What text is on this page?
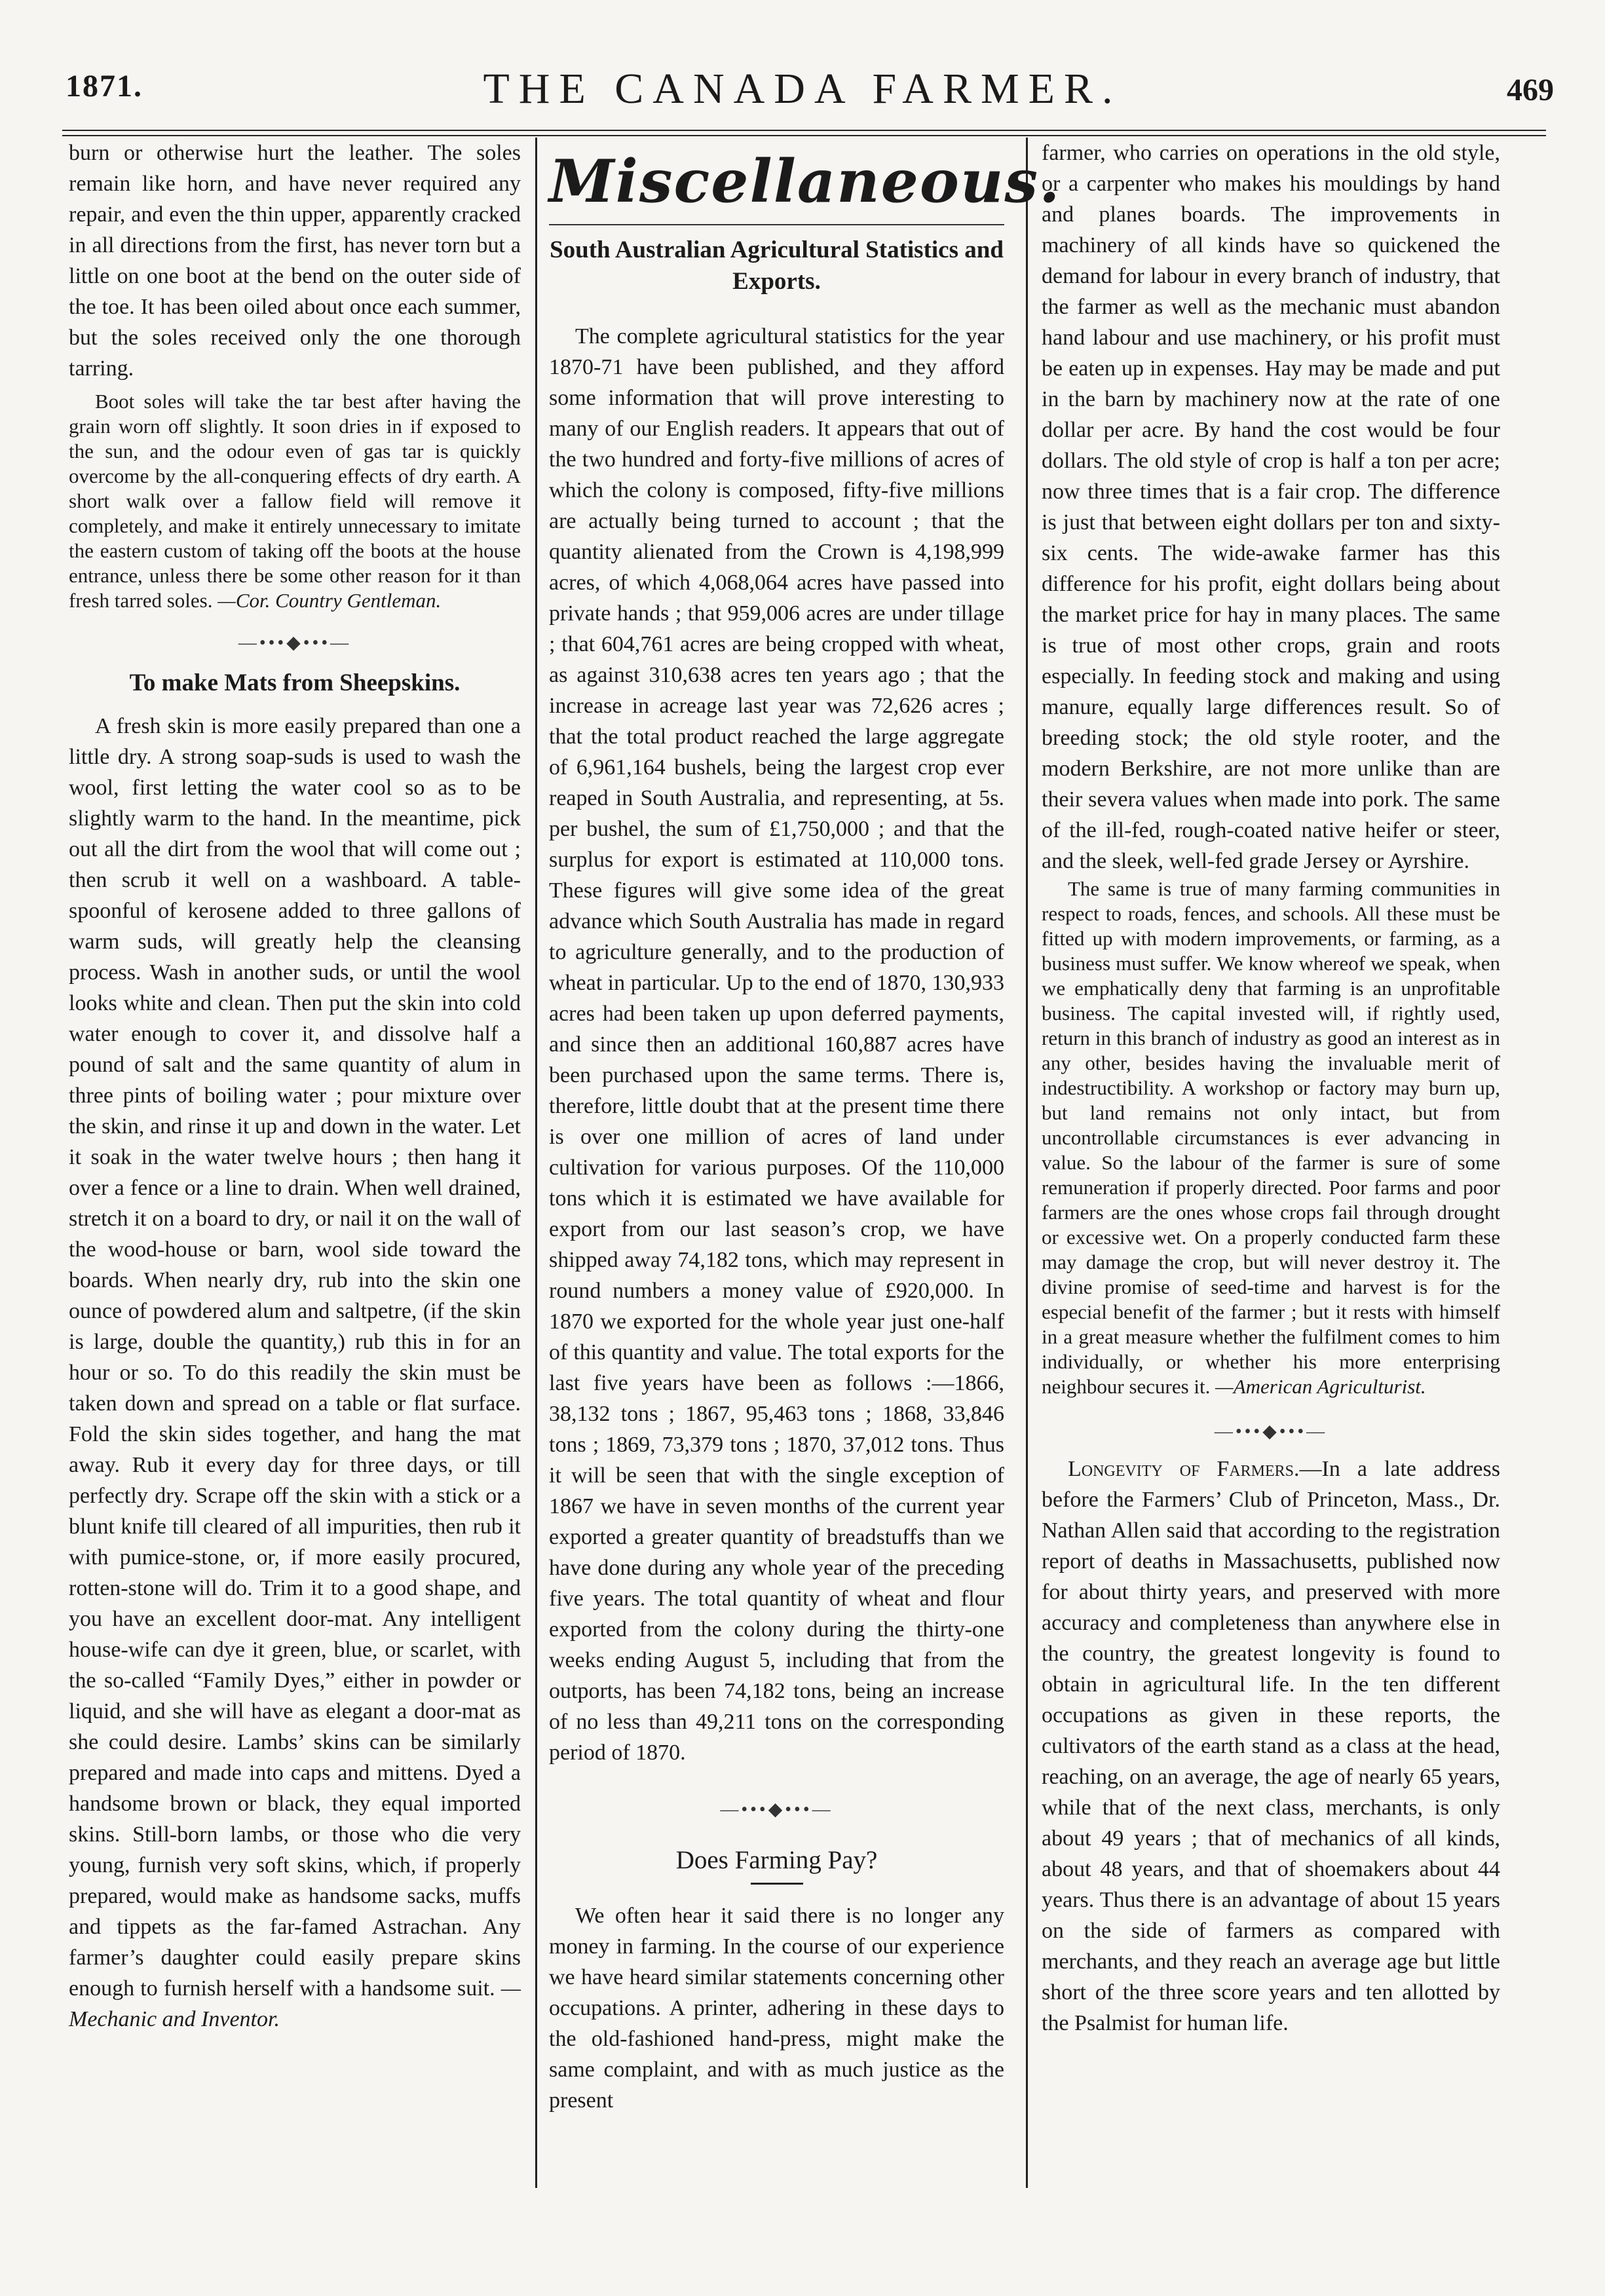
1871.	THE CANADA FARMER.	469

burn or otherwise hurt the leather. The soles remain like horn, and have never required any repair, and even the thin upper, apparently cracked in all directions from the first, has never torn but a little on one boot at the bend on the outer side of the toe. It has been oiled about once each summer, but the soles received only the one thorough tarring.

Boot soles will take the tar best after having the grain worn off slightly. It soon dries in if exposed to the sun, and the odour even of gas tar is quickly overcome by the all-conquering effects of dry earth. A short walk over a fallow field will remove it completely, and make it entirely unnecessary to imitate the eastern custom of taking off the boots at the house entrance, unless there be some other reason for it than fresh tarred soles. —Cor. Country Gentleman.

—•••◆•••—
To make Mats from Sheepskins.

A fresh skin is more easily prepared than one a little dry. A strong soap-suds is used to wash the wool, first letting the water cool so as to be slightly warm to the hand. In the meantime, pick out all the dirt from the wool that will come out ; then scrub it well on a washboard. A table-spoonful of kerosene added to three gallons of warm suds, will greatly help the cleansing process. Wash in another suds, or until the wool looks white and clean. Then put the skin into cold water enough to cover it, and dissolve half a pound of salt and the same quantity of alum in three pints of boiling water ; pour mixture over the skin, and rinse it up and down in the water. Let it soak in the water twelve hours ; then hang it over a fence or a line to drain. When well drained, stretch it on a board to dry, or nail it on the wall of the wood-house or barn, wool side toward the boards. When nearly dry, rub into the skin one ounce of powdered alum and saltpetre, (if the skin is large, double the quantity,) rub this in for an hour or so. To do this readily the skin must be taken down and spread on a table or flat surface. Fold the skin sides together, and hang the mat away. Rub it every day for three days, or till perfectly dry. Scrape off the skin with a stick or a blunt knife till cleared of all impurities, then rub it with pumice-stone, or, if more easily procured, rotten-stone will do. Trim it to a good shape, and you have an excellent door-mat. Any intelligent house-wife can dye it green, blue, or scarlet, with the so-called “Family Dyes,” either in powder or liquid, and she will have as elegant a door-mat as she could desire. Lambs’ skins can be similarly prepared and made into caps and mittens. Dyed a handsome brown or black, they equal imported skins. Still-born lambs, or those who die very young, furnish very soft skins, which, if properly prepared, would make as handsome sacks, muffs and tippets as the far-famed Astrachan. Any farmer’s daughter could easily prepare skins enough to furnish herself with a handsome suit. —Mechanic and Inventor.

Miscellaneous.
South Australian Agricultural Statistics and Exports.

The complete agricultural statistics for the year 1870-71 have been published, and they afford some information that will prove interesting to many of our English readers. It appears that out of the two hundred and forty-five millions of acres of which the colony is composed, fifty-five millions are actually being turned to account ; that the quantity alienated from the Crown is 4,198,999 acres, of which 4,068,064 acres have passed into private hands ; that 959,006 acres are under tillage ; that 604,761 acres are being cropped with wheat, as against 310,638 acres ten years ago ; that the increase in acreage last year was 72,626 acres ; that the total product reached the large aggregate of 6,961,164 bushels, being the largest crop ever reaped in South Australia, and representing, at 5s. per bushel, the sum of £1,750,000 ; and that the surplus for export is estimated at 110,000 tons. These figures will give some idea of the great advance which South Australia has made in regard to agriculture generally, and to the production of wheat in particular. Up to the end of 1870, 130,933 acres had been taken up upon deferred payments, and since then an additional 160,887 acres have been purchased upon the same terms. There is, therefore, little doubt that at the present time there is over one million of acres of land under cultivation for various purposes. Of the 110,000 tons which it is estimated we have available for export from our last season’s crop, we have shipped away 74,182 tons, which may represent in round numbers a money value of £920,000. In 1870 we exported for the whole year just one-half of this quantity and value. The total exports for the last five years have been as follows :—1866, 38,132 tons ; 1867, 95,463 tons ; 1868, 33,846 tons ; 1869, 73,379 tons ; 1870, 37,012 tons. Thus it will be seen that with the single exception of 1867 we have in seven months of the current year exported a greater quantity of breadstuffs than we have done during any whole year of the preceding five years. The total quantity of wheat and flour exported from the colony during the thirty-one weeks ending August 5, including that from the outports, has been 74,182 tons, being an increase of no less than 49,211 tons on the corresponding period of 1870.

—•••◆•••—
Does Farming Pay?

We often hear it said there is no longer any money in farming. In the course of our experience we have heard similar statements concerning other occupations. A printer, adhering in these days to the old-fashioned hand-press, might make the same complaint, and with as much justice as the present

farmer, who carries on operations in the old style, or a carpenter who makes his mouldings by hand and planes boards. The improvements in machinery of all kinds have so quickened the demand for labour in every branch of industry, that the farmer as well as the mechanic must abandon hand labour and use machinery, or his profit must be eaten up in expenses. Hay may be made and put in the barn by machinery now at the rate of one dollar per acre. By hand the cost would be four dollars. The old style of crop is half a ton per acre; now three times that is a fair crop. The difference is just that between eight dollars per ton and sixty-six cents. The wide-awake farmer has this difference for his profit, eight dollars being about the market price for hay in many places. The same is true of most other crops, grain and roots especially. In feeding stock and making and using manure, equally large differences result. So of breeding stock; the old style rooter, and the modern Berkshire, are not more unlike than are their severa values when made into pork. The same of the ill-fed, rough-coated native heifer or steer, and the sleek, well-fed grade Jersey or Ayrshire.

The same is true of many farming communities in respect to roads, fences, and schools. All these must be fitted up with modern improvements, or farming, as a business must suffer. We know whereof we speak, when we emphatically deny that farming is an unprofitable business. The capital invested will, if rightly used, return in this branch of industry as good an interest as in any other, besides having the invaluable merit of indestructibility. A workshop or factory may burn up, but land remains not only intact, but from uncontrollable circumstances is ever advancing in value. So the labour of the farmer is sure of some remuneration if properly directed. Poor farms and poor farmers are the ones whose crops fail through drought or excessive wet. On a properly conducted farm these may damage the crop, but will never destroy it. The divine promise of seed-time and harvest is for the especial benefit of the farmer ; but it rests with himself in a great measure whether the fulfilment comes to him individually, or whether his more enterprising neighbour secures it. —American Agriculturist.

—•••◆•••—

Longevity of Farmers.—In a late address before the Farmers’ Club of Princeton, Mass., Dr. Nathan Allen said that according to the registration report of deaths in Massachusetts, published now for about thirty years, and preserved with more accuracy and completeness than anywhere else in the country, the greatest longevity is found to obtain in agricultural life. In the ten different occupations as given in these reports, the cultivators of the earth stand as a class at the head, reaching, on an average, the age of nearly 65 years, while that of the next class, merchants, is only about 49 years ; that of mechanics of all kinds, about 48 years, and that of shoemakers about 44 years. Thus there is an advantage of about 15 years on the side of farmers as compared with merchants, and they reach an average age but little short of the three score years and ten allotted by the Psalmist for human life.
